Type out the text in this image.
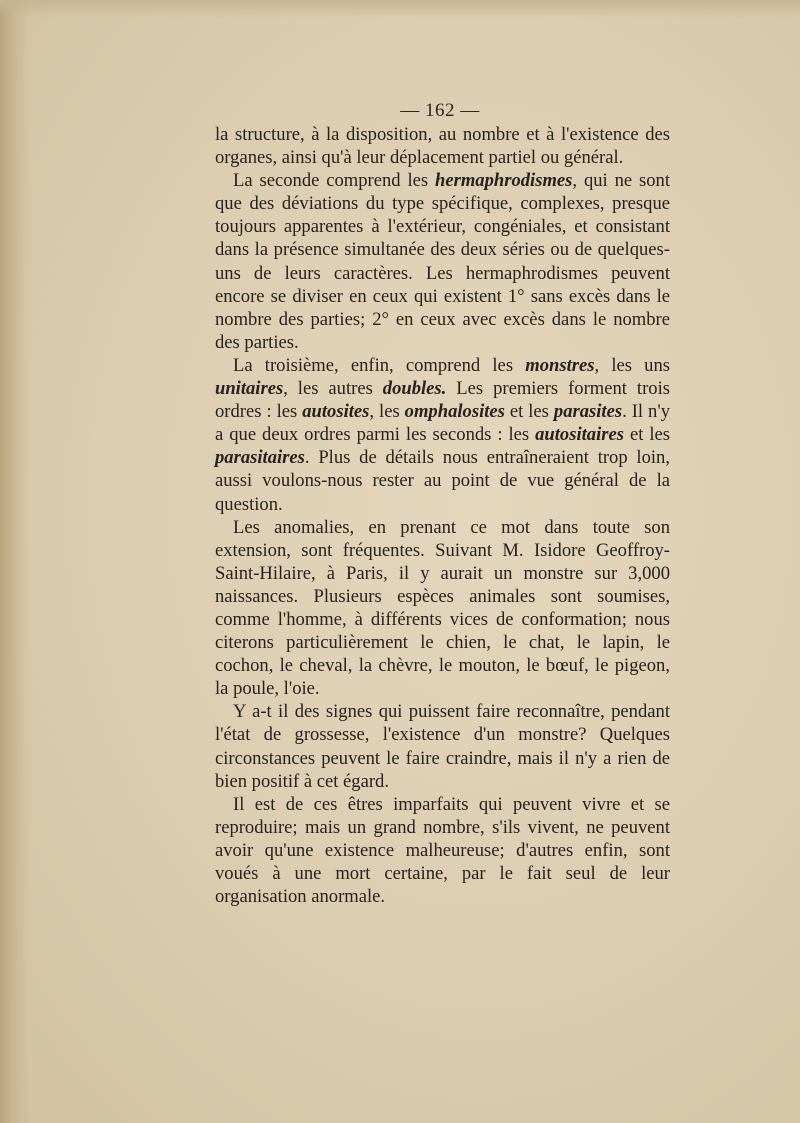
— 162 —

la structure, à la disposition, au nombre et à l'existence des organes, ainsi qu'à leur déplacement partiel ou général.

La seconde comprend les hermaphrodismes, qui ne sont que des déviations du type spécifique, complexes, presque toujours apparentes à l'extérieur, congéniales, et consistant dans la présence simultanée des deux séries ou de quelques-uns de leurs caractères. Les hermaphrodismes peuvent encore se diviser en ceux qui existent 1° sans excès dans le nombre des parties; 2° en ceux avec excès dans le nombre des parties.

La troisième, enfin, comprend les monstres, les uns unitaires, les autres doubles. Les premiers forment trois ordres : les autosites, les omphalosites et les parasites. Il n'y a que deux ordres parmi les seconds : les autositaires et les parasitaires. Plus de détails nous entraîneraient trop loin, aussi voulons-nous rester au point de vue général de la question.

Les anomalies, en prenant ce mot dans toute son extension, sont fréquentes. Suivant M. Isidore Geoffroy-Saint-Hilaire, à Paris, il y aurait un monstre sur 3,000 naissances. Plusieurs espèces animales sont soumises, comme l'homme, à différents vices de conformation; nous citerons particulièrement le chien, le chat, le lapin, le cochon, le cheval, la chèvre, le mouton, le bœuf, le pigeon, la poule, l'oie.

Y a-t il des signes qui puissent faire reconnaître, pendant l'état de grossesse, l'existence d'un monstre? Quelques circonstances peuvent le faire craindre, mais il n'y a rien de bien positif à cet égard.

Il est de ces êtres imparfaits qui peuvent vivre et se reproduire; mais un grand nombre, s'ils vivent, ne peuvent avoir qu'une existence malheureuse; d'autres enfin, sont voués à une mort certaine, par le fait seul de leur organisation anormale.
